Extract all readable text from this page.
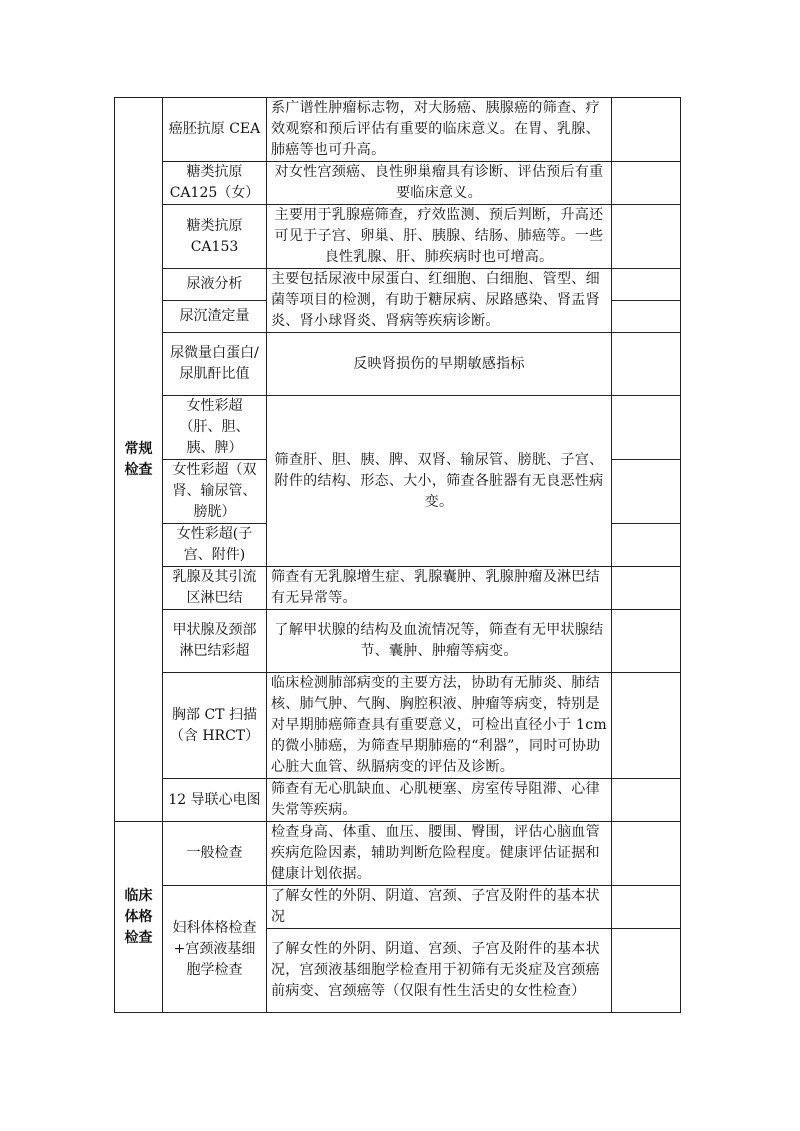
常规检查	癌胚抗原 CEA	系广谱性肿瘤标志物，对大肠癌、胰腺癌的筛查、疗效观察和预后评估有重要的临床意义。在胃、乳腺、肺癌等也可升高。	
	糖类抗原 CA125（女）	对女性宫颈癌、良性卵巢瘤具有诊断、评估预后有重要临床意义。	
	糖类抗原 CA153	主要用于乳腺癌筛查，疗效监测、预后判断，升高还可见于子宫、卵巢、肝、胰腺、结肠、肺癌等。一些良性乳腺、肝、肺疾病时也可增高。	
	尿液分析	主要包括尿液中尿蛋白、红细胞、白细胞、管型、细菌等项目的检测，有助于糖尿病、尿路感染、肾盂肾炎、肾小球肾炎、肾病等疾病诊断。	
	尿沉渣定量		
	尿微量白蛋白/尿肌酐比值	反映肾损伤的早期敏感指标	
	女性彩超（肝、胆、胰、脾）	筛查肝、胆、胰、脾、双肾、输尿管、膀胱、子宫、附件的结构、形态、大小，筛查各脏器有无良恶性病变。	
	女性彩超（双肾、输尿管、膀胱）		
	女性彩超(子宫、附件)		
	乳腺及其引流区淋巴结	筛查有无乳腺增生症、乳腺囊肿、乳腺肿瘤及淋巴结有无异常等。	
	甲状腺及颈部淋巴结彩超	了解甲状腺的结构及血流情况等，筛查有无甲状腺结节、囊肿、肿瘤等病变。	
	胸部 CT 扫描（含 HRCT）	临床检测肺部病变的主要方法，协助有无肺炎、肺结核、肺气肿、气胸、胸腔积液、肿瘤等病变，特别是对早期肺癌筛查具有重要意义，可检出直径小于 1cm 的微小肺癌，为筛查早期肺癌的“利器”，同时可协助心脏大血管、纵膈病变的评估及诊断。	
	12 导联心电图	筛查有无心肌缺血、心肌梗塞、房室传导阻滞、心律失常等疾病。	
临床体格检查	一般检查	检查身高、体重、血压、腰围、臀围，评估心脑血管疾病危险因素，辅助判断危险程度。健康评估证据和健康计划依据。	
	妇科体格检查+宫颈液基细胞学检查	了解女性的外阴、阴道、宫颈、子宫及附件的基本状况	
		了解女性的外阴、阴道、宫颈、子宫及附件的基本状况，宫颈液基细胞学检查用于初筛有无炎症及宫颈癌前病变、宫颈癌等（仅限有性生活史的女性检查）	
